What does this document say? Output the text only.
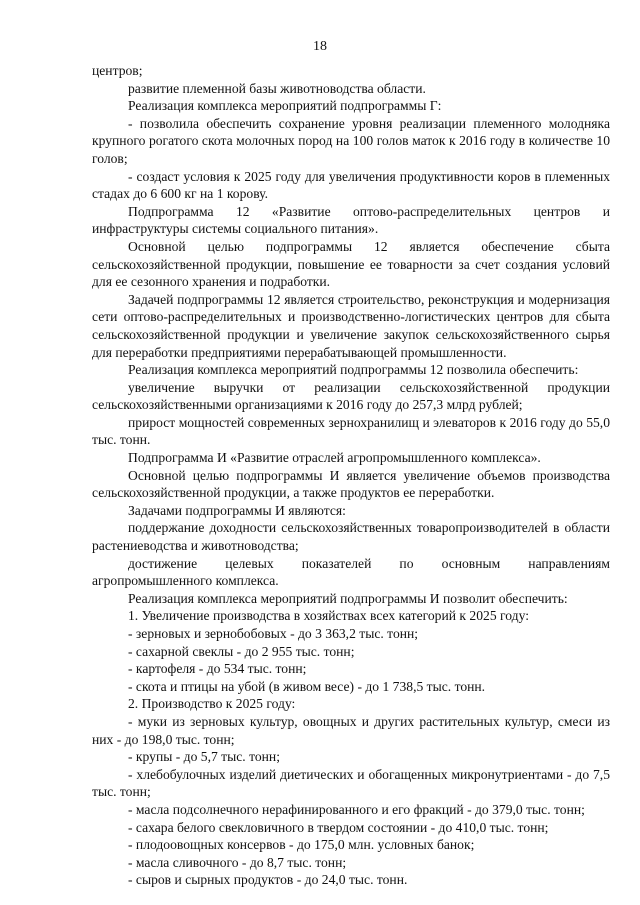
18

центров;

развитие племенной базы животноводства области.

Реализация комплекса мероприятий подпрограммы Г:

- позволила обеспечить сохранение уровня реализации племенного молодняка крупного рогатого скота молочных пород на 100 голов маток к 2016 году в количестве 10 голов;

- создаст условия к 2025 году для увеличения продуктивности коров в племенных стадах до 6 600 кг на 1 корову.

Подпрограмма 12 «Развитие оптово-распределительных центров и инфраструктуры системы социального питания».

Основной целью подпрограммы 12 является обеспечение сбыта сельскохозяйственной продукции, повышение ее товарности за счет создания условий для ее сезонного хранения и подработки.

Задачей подпрограммы 12 является строительство, реконструкция и модернизация сети оптово-распределительных и производственно-логистических центров для сбыта сельскохозяйственной продукции и увеличение закупок сельскохозяйственного сырья для переработки предприятиями перерабатывающей промышленности.

Реализация комплекса мероприятий подпрограммы 12 позволила обеспечить:

увеличение выручки от реализации сельскохозяйственной продукции сельскохозяйственными организациями к 2016 году до 257,3 млрд рублей;

прирост мощностей современных зернохранилищ и элеваторов к 2016 году до 55,0 тыс. тонн.

Подпрограмма И «Развитие отраслей агропромышленного комплекса».

Основной целью подпрограммы И является увеличение объемов производства сельскохозяйственной продукции, а также продуктов ее переработки.

Задачами подпрограммы И являются:

поддержание доходности сельскохозяйственных товаропроизводителей в области растениеводства и животноводства;

достижение целевых показателей по основным направлениям агропромышленного комплекса.

Реализация комплекса мероприятий подпрограммы И позволит обеспечить:

1. Увеличение производства в хозяйствах всех категорий к 2025 году:

- зерновых и зернобобовых - до 3 363,2 тыс. тонн;

- сахарной свеклы - до 2 955 тыс. тонн;

- картофеля - до 534 тыс. тонн;

- скота и птицы на убой (в живом весе) - до 1 738,5 тыс. тонн.

2. Производство к 2025 году:

- муки из зерновых культур, овощных и других растительных культур, смеси из них - до 198,0 тыс. тонн;

- крупы - до 5,7 тыс. тонн;

- хлебобулочных изделий диетических и обогащенных микронутриентами - до 7,5 тыс. тонн;

- масла подсолнечного нерафинированного и его фракций - до 379,0 тыс. тонн;

- сахара белого свекловичного в твердом состоянии - до 410,0 тыс. тонн;

- плодоовощных консервов - до 175,0 млн. условных банок;

- масла сливочного - до 8,7 тыс. тонн;

- сыров и сырных продуктов - до 24,0 тыс. тонн.
